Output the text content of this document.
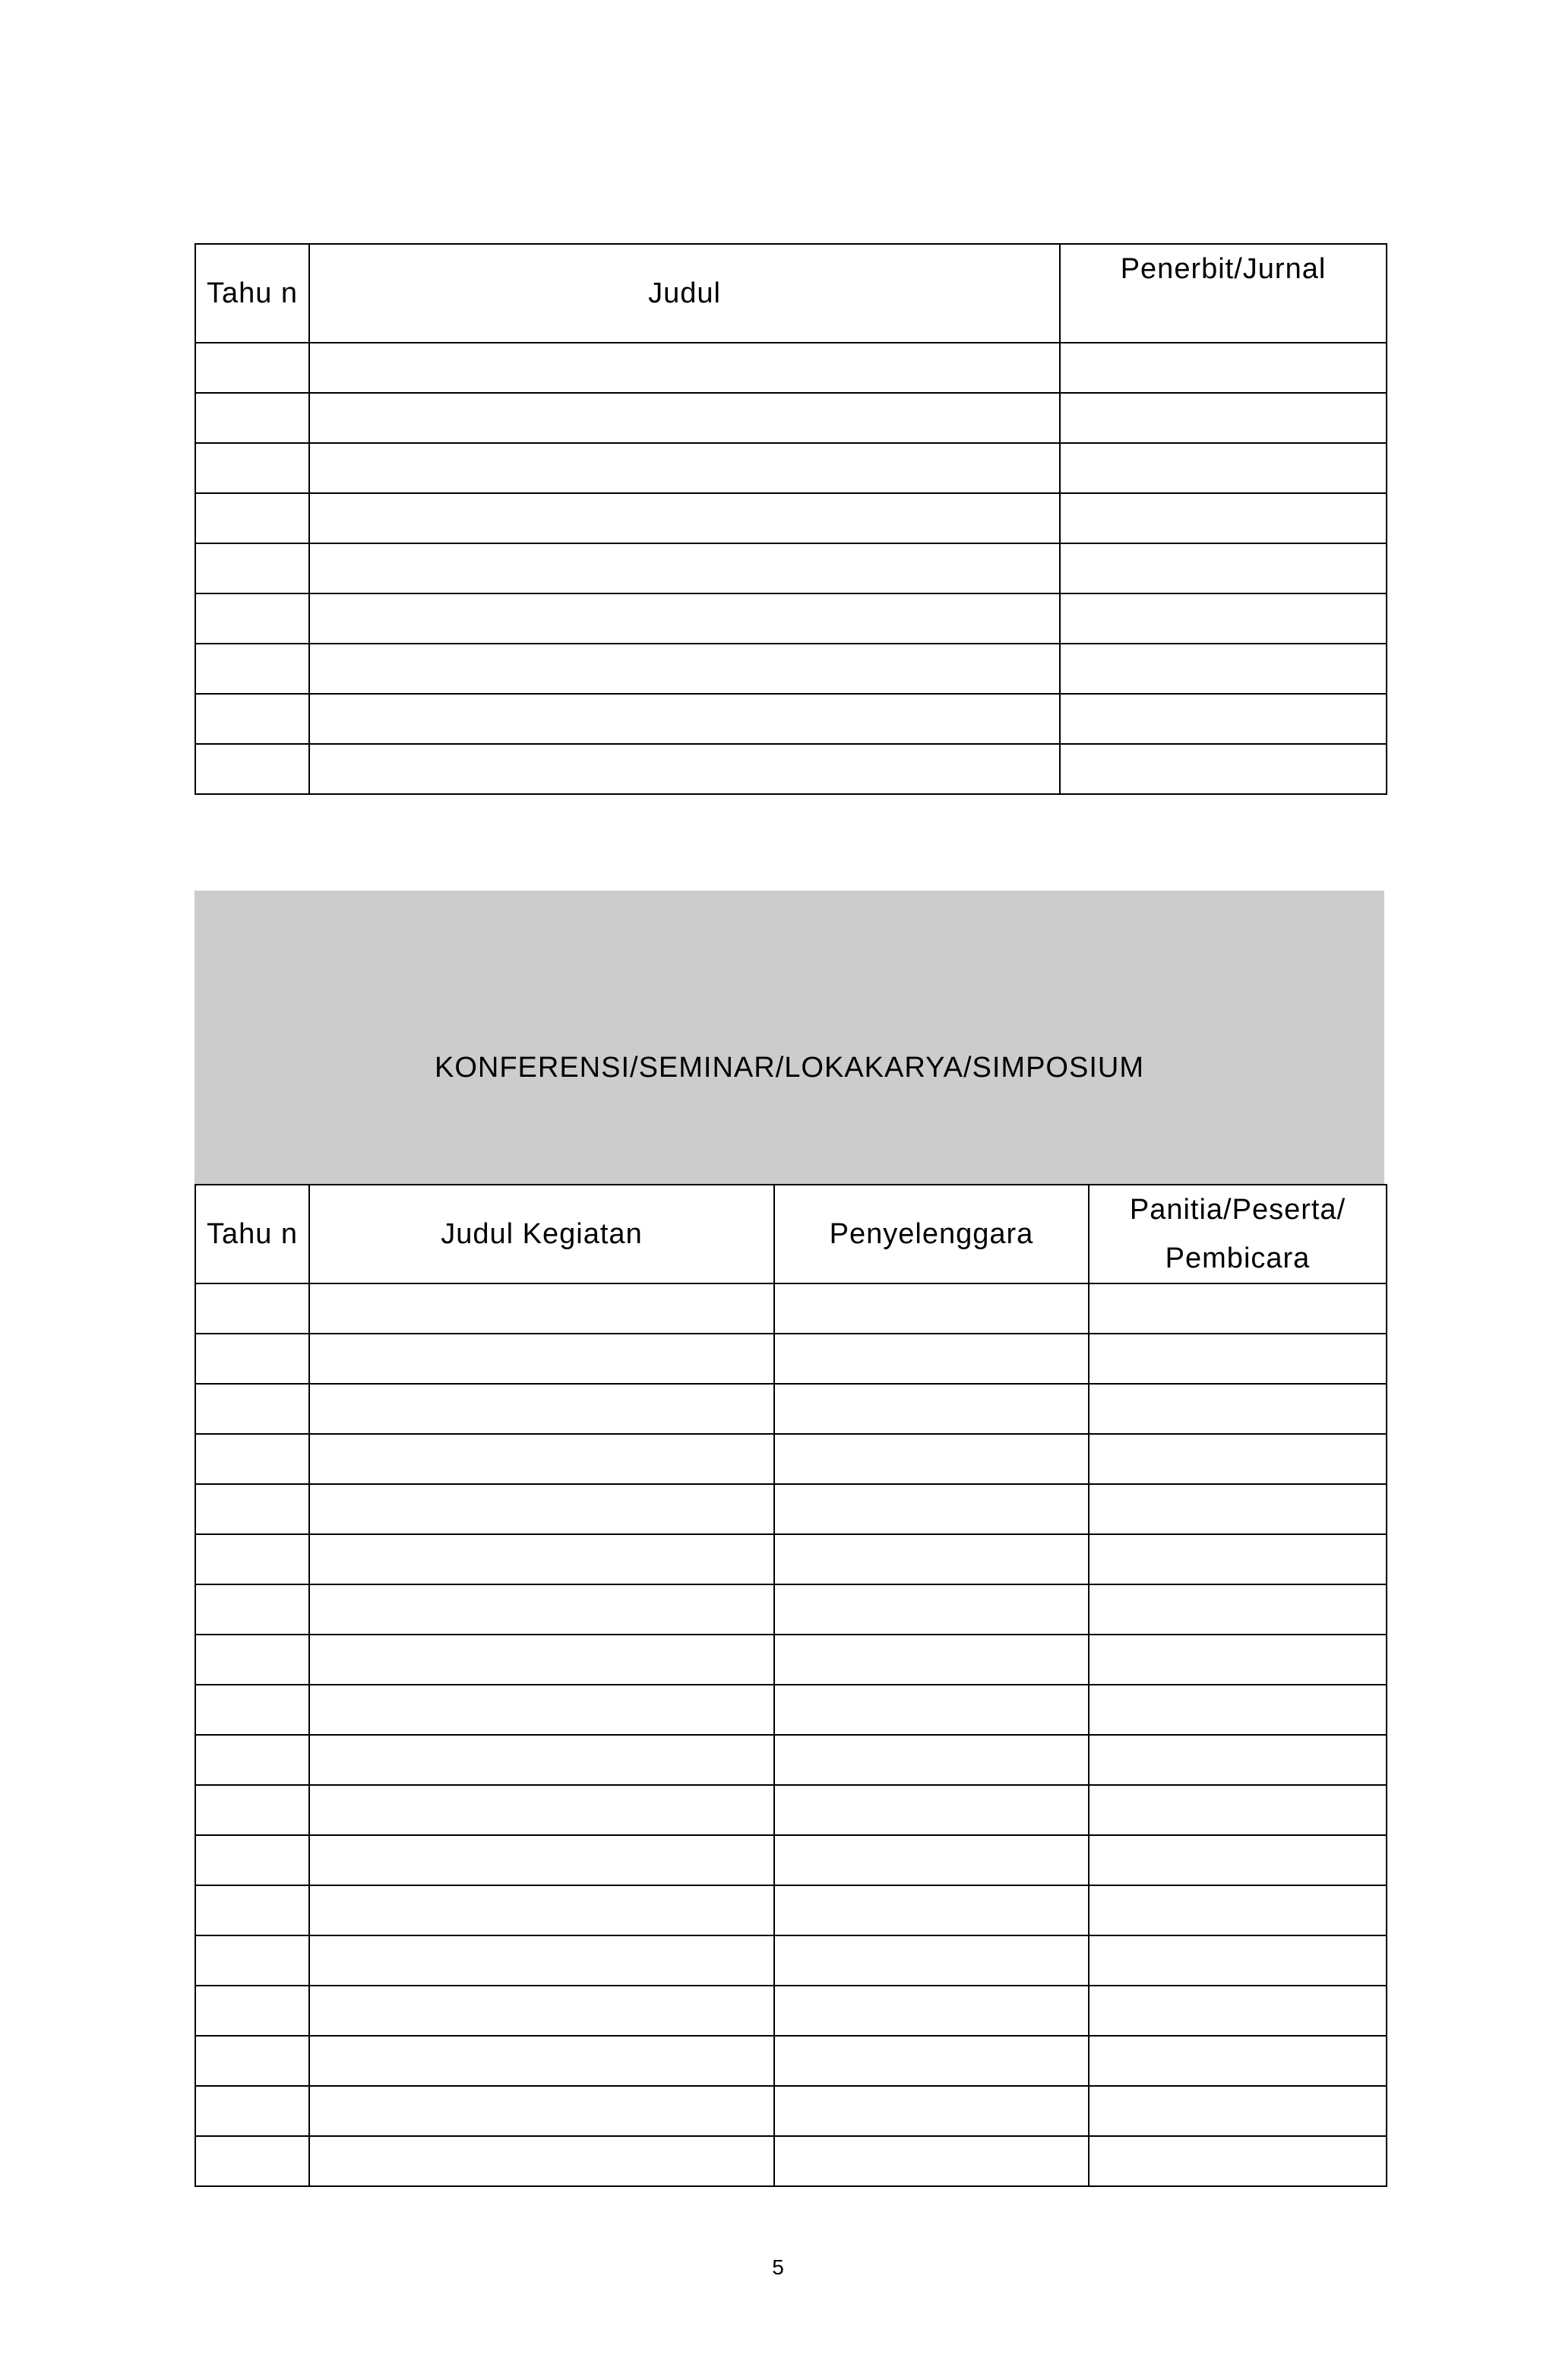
Tahu n	Judul	Penerbit/Jurnal

KONFERENSI/SEMINAR/LOKAKARYA/SIMPOSIUM
Tahu n	Judul Kegiatan	Penyelenggara	Panitia/Peserta/ Pembicara

5
